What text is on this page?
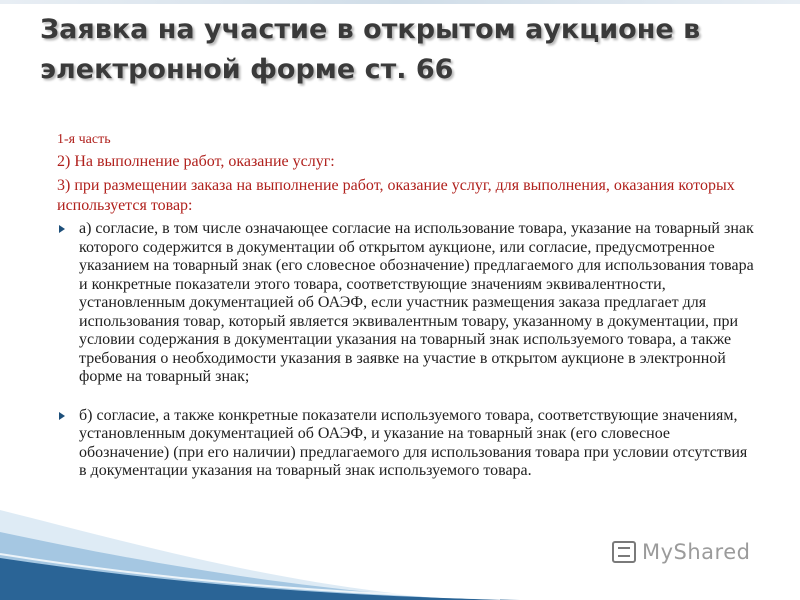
Заявка на участие в открытом аукционе в электронной форме ст. 66

1-я часть

2) На выполнение работ, оказание услуг:

3) при размещении заказа на выполнение работ, оказание услуг, для выполнения, оказания которых используется товар:

а) согласие, в том числе означающее согласие на использование товара, указание на товарный знак которого содержится в документации об открытом аукционе, или согласие, предусмотренное указанием на товарный знак (его словесное обозначение) предлагаемого для использования товара и конкретные показатели этого товара, соответствующие значениям эквивалентности, установленным документацией об ОАЭФ, если участник размещения заказа предлагает для использования товар, который является эквивалентным товару, указанному в документации, при условии содержания в документации указания на товарный знак используемого товара, а также требования о необходимости указания в заявке на участие в открытом аукционе в электронной форме на товарный знак;
б) согласие, а также конкретные показатели используемого товара, соответствующие значениям, установленным документацией об ОАЭФ, и указание на товарный знак (его словесное обозначение) (при его наличии) предлагаемого для использования товара при условии отсутствия в документации указания на товарный знак используемого товара.
MyShared
